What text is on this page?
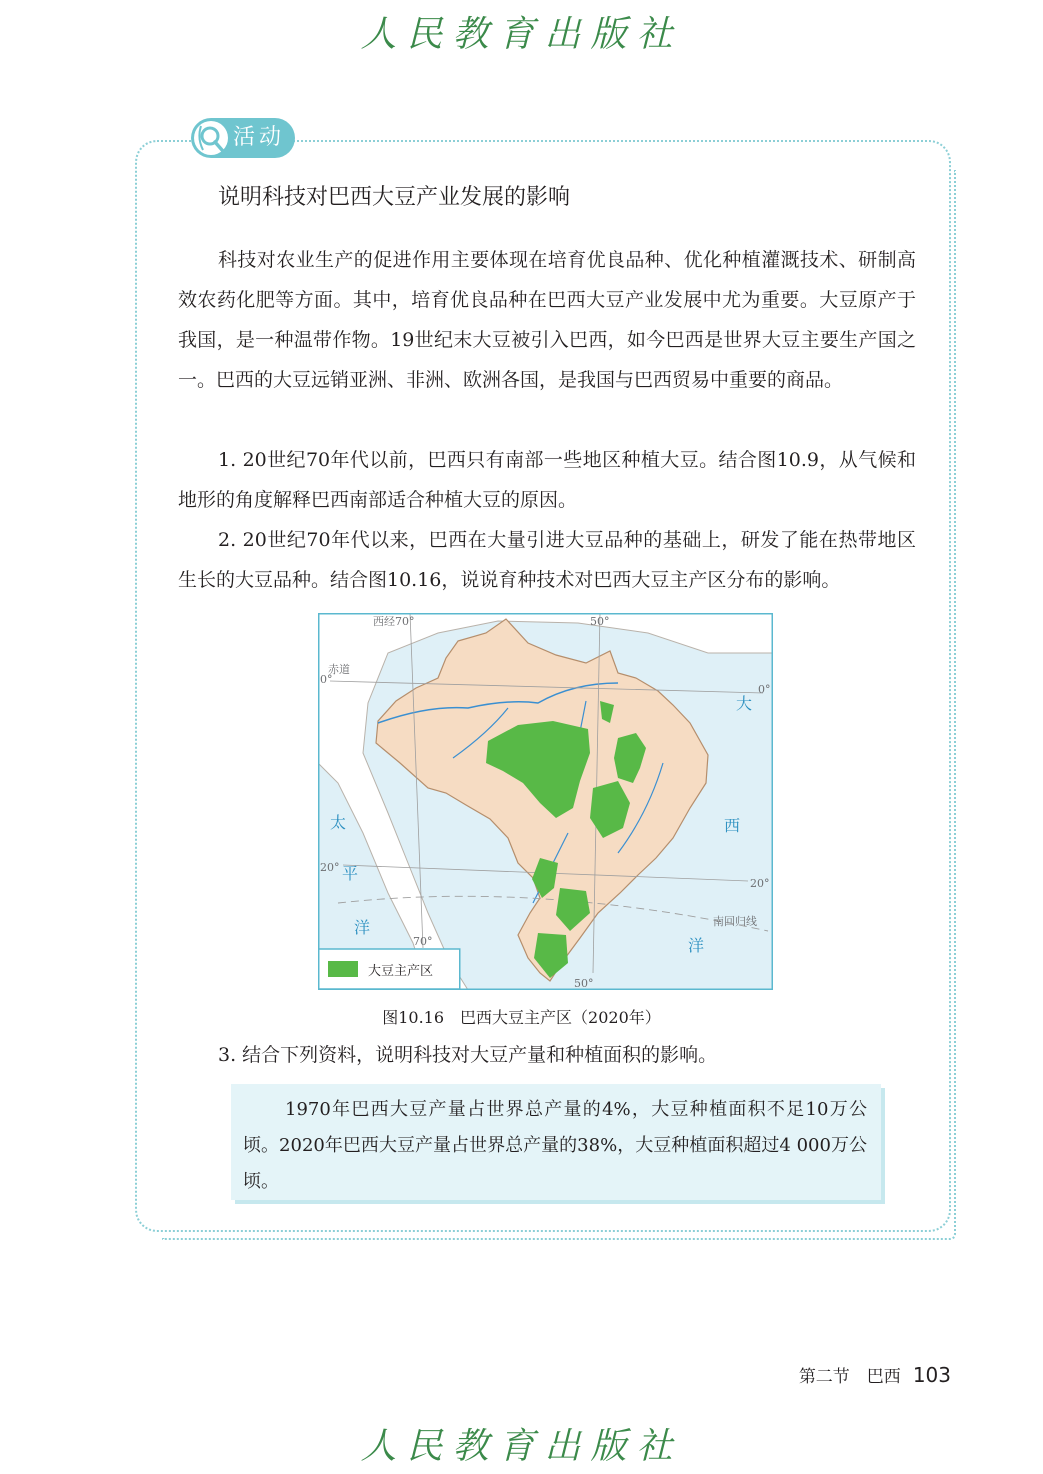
人民教育出版社
活动
说明科技对巴西大豆产业发展的影响
科技对农业生产的促进作用主要体现在培育优良品种、优化种植灌溉技术、研制高效农药化肥等方面。其中，培育优良品种在巴西大豆产业发展中尤为重要。大豆原产于我国，是一种温带作物。19世纪末大豆被引入巴西，如今巴西是世界大豆主要生产国之一。巴西的大豆远销亚洲、非洲、欧洲各国，是我国与巴西贸易中重要的商品。
1. 20世纪70年代以前，巴西只有南部一些地区种植大豆。结合图10.9，从气候和地形的角度解释巴西南部适合种植大豆的原因。
2. 20世纪70年代以来，巴西在大量引进大豆品种的基础上，研发了能在热带地区生长的大豆品种。结合图10.16，说说育种技术对巴西大豆主产区分布的影响。
西经70°	50°
赤道
0°
0°
20°
20°
70°
50°
南回归线
太
平
洋
大
西
洋
大豆主产区
图10.16　巴西大豆主产区（2020年）
3. 结合下列资料，说明科技对大豆产量和种植面积的影响。
1970年巴西大豆产量占世界总产量的4%，大豆种植面积不足10万公顷。2020年巴西大豆产量占世界总产量的38%，大豆种植面积超过4 000万公顷。
第二节　巴西 103
人民教育出版社
